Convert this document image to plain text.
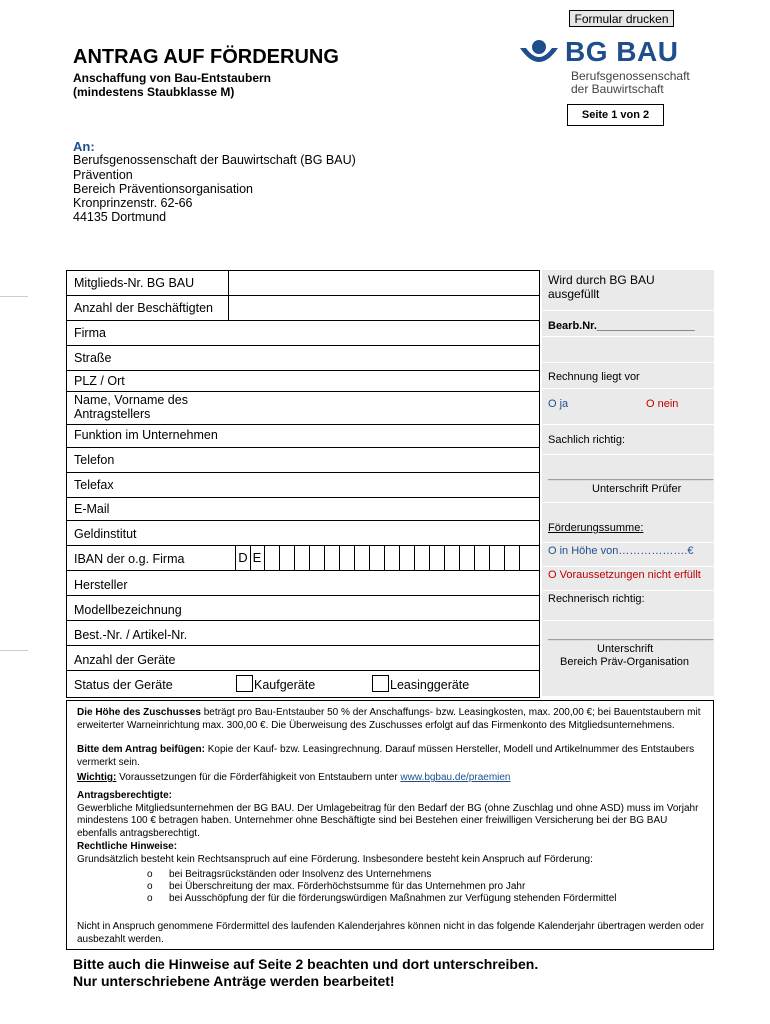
Formular drucken
ANTRAG AUF FÖRDERUNG
Anschaffung von Bau-Entstaubern
(mindestens Staubklasse M)
BG BAU
Berufsgenossenschaft
der Bauwirtschaft
Seite 1 von 2
An:
Berufsgenossenschaft der Bauwirtschaft (BG BAU)
Prävention
Bereich Präventionsorganisation
Kronprinzenstr. 62-66
44135 Dortmund
Mitglieds-Nr. BG BAU
Anzahl der Beschäftigten
Firma
Straße
PLZ / Ort
Name, Vorname des
Antragstellers
Funktion im Unternehmen
Telefon
Telefax
E-Mail
Geldinstitut
IBAN der o.g. Firma	D E
Hersteller
Modellbezeichnung
Best.-Nr. / Artikel-Nr.
Anzahl der Geräte
Status der Geräte	Kaufgeräte	Leasinggeräte
Wird durch BG BAU
ausgefüllt
Bearb.Nr.________________
Rechnung liegt vor
O ja	O nein
Sachlich richtig:
_________________________________
Unterschrift Prüfer
Förderungssumme:
O in Höhe von……………….€
O Voraussetzungen nicht erfüllt
Rechnerisch richtig:
_________________________________
Unterschrift
Bereich Präv-Organisation

Die Höhe des Zuschusses beträgt pro Bau-Entstauber 50 % der Anschaffungs- bzw. Leasingkosten, max. 200,00 €; bei Bauentstaubern mit erweiterter Warneinrichtung max. 300,00 €. Die Überweisung des Zuschusses erfolgt auf das Firmenkonto des Mitgliedsunternehmens.

Bitte dem Antrag beifügen: Kopie der Kauf- bzw. Leasingrechnung. Darauf müssen Hersteller, Modell und Artikelnummer des Entstaubers vermerkt sein.

Wichtig: Voraussetzungen für die Förderfähigkeit von Entstaubern unter www.bgbau.de/praemien

Antragsberechtigte:
Gewerbliche Mitgliedsunternehmen der BG BAU. Der Umlagebeitrag für den Bedarf der BG (ohne Zuschlag und ohne ASD) muss im Vorjahr mindestens 100 € betragen haben. Unternehmer ohne Beschäftigte sind bei Bestehen einer freiwilligen Versicherung bei der BG BAU ebenfalls antragsberechtigt.

Rechtliche Hinweise:
Grundsätzlich besteht kein Rechtsanspruch auf eine Förderung. Insbesondere besteht kein Anspruch auf Förderung:

o	bei Beitragsrückständen oder Insolvenz des Unternehmens

o	bei Überschreitung der max. Förderhöchstsumme für das Unternehmen pro Jahr

o	bei Ausschöpfung der für die förderungswürdigen Maßnahmen zur Verfügung stehenden Fördermittel

Nicht in Anspruch genommene Fördermittel des laufenden Kalenderjahres können nicht in das folgende Kalenderjahr übertragen werden oder ausbezahlt werden.

Bitte auch die Hinweise auf Seite 2 beachten und dort unterschreiben.
Nur unterschriebene Anträge werden bearbeitet!
